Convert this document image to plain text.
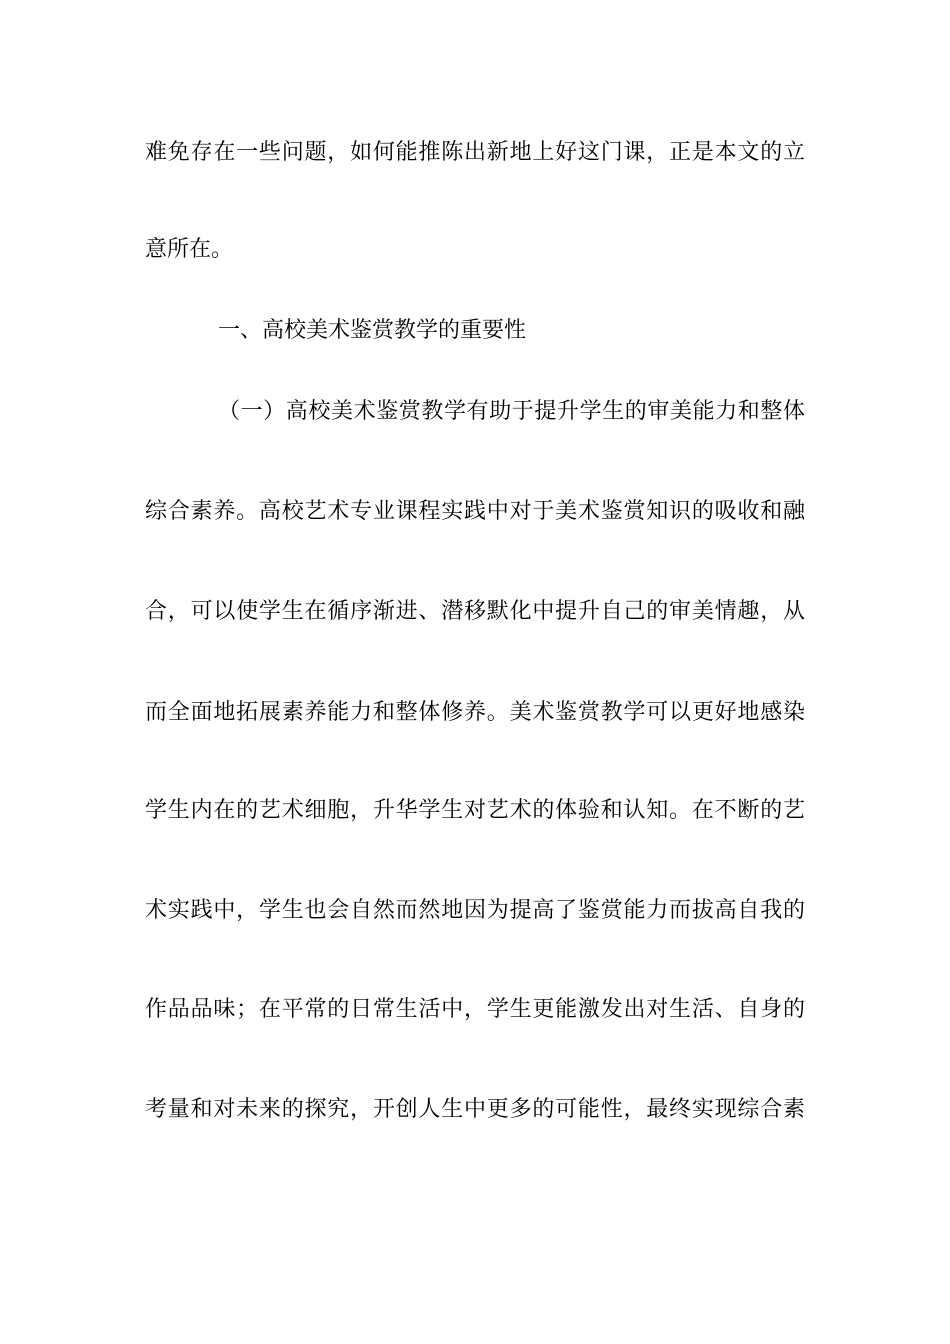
难免存在一些问题，如何能推陈出新地上好这门课，正是本文的立
意所在。
一、高校美术鉴赏教学的重要性
（一）高校美术鉴赏教学有助于提升学生的审美能力和整体
综合素养。高校艺术专业课程实践中对于美术鉴赏知识的吸收和融
合，可以使学生在循序渐进、潜移默化中提升自己的审美情趣，从
而全面地拓展素养能力和整体修养。美术鉴赏教学可以更好地感染
学生内在的艺术细胞，升华学生对艺术的体验和认知。在不断的艺
术实践中，学生也会自然而然地因为提高了鉴赏能力而拔高自我的
作品品味；在平常的日常生活中，学生更能激发出对生活、自身的
考量和对未来的探究，开创人生中更多的可能性，最终实现综合素
